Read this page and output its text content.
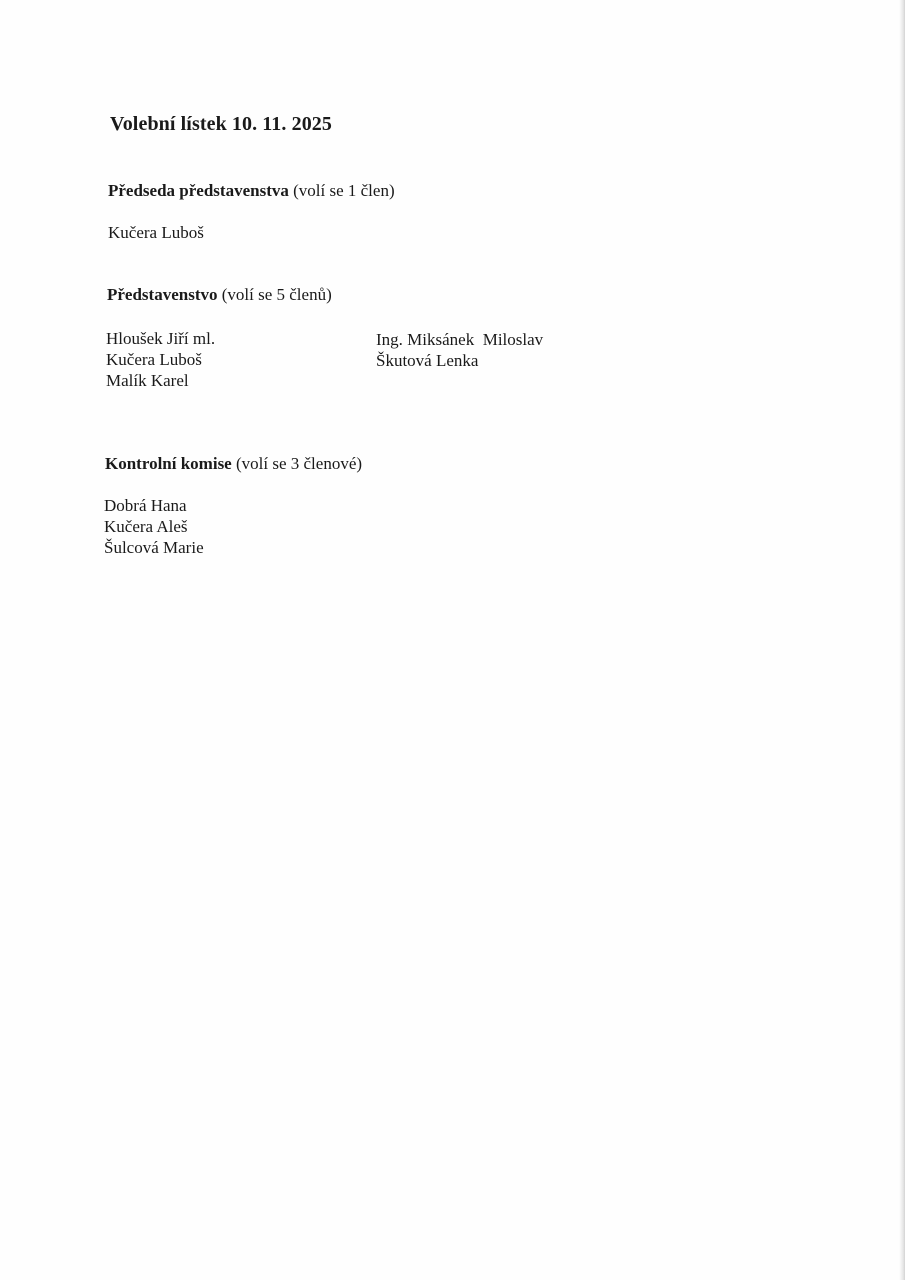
Volební lístek 10. 11. 2025
Předseda představenstva (volí se 1 člen)
Kučera Luboš
Představenstvo (volí se 5 členů)
Hloušek Jiří ml.
Kučera Luboš
Malík Karel
Ing. Miksánek  Miloslav
Škutová Lenka
Kontrolní komise (volí se 3 členové)
Dobrá Hana
Kučera Aleš
Šulcová Marie
